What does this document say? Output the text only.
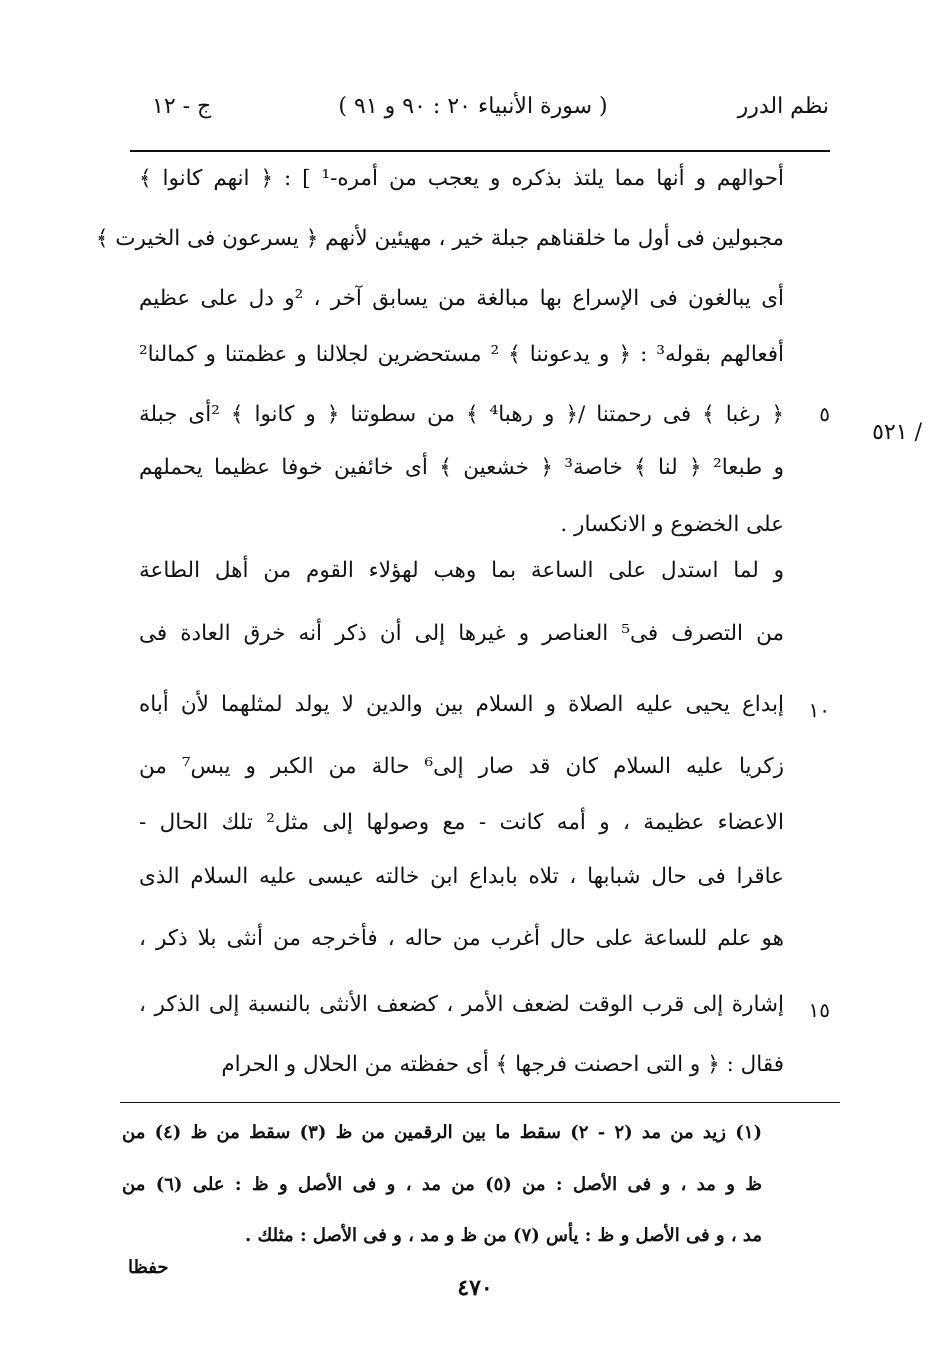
نظم الدرر
( سورة الأنبياء ٢٠ : ٩٠ و ٩١ )
ج - ١٢
٥٢١ /
٥
١٠
١٥
أحوالهم و أنها مما يلتذ بذكره و يعجب من أمره-¹ ] : ﴿ انهم كانوا ﴾
مجبولين فى أول ما خلقناهم جبلة خير ، مهيئين لأنهم ﴿ يسرعون فى الخيرت ﴾
أى يبالغون فى الإسراع بها مبالغة من يسابق آخر ، ²و دل على عظيم
أفعالهم بقوله³ : ﴿ و يدعوننا ﴾ ² مستحضرين لجلالنا و عظمتنا و كمالنا²
﴿ رغبا ﴾ فى رحمتنا /﴿ و رهبا⁴ ﴾ من سطوتنا ﴿ و كانوا ﴾ ²أى جبلة
و طبعا² ﴿ لنا ﴾ خاصة³ ﴿ خشعين ﴾ أى خائفين خوفا عظيما يحملهم
على الخضوع و الانكسار .
و لما استدل على الساعة بما وهب لهؤلاء القوم من أهل الطاعة
من التصرف فى⁵ العناصر و غيرها إلى أن ذكر أنه خرق العادة فى
إبداع يحيى عليه الصلاة و السلام بين والدين لا يولد لمثلهما لأن أباه
زكريا عليه السلام كان قد صار إلى⁶ حالة من الكبر و يبس⁷ من
الاعضاء عظيمة ، و أمه كانت - مع وصولها إلى مثل² تلك الحال -
عاقرا فى حال شبابها ، تلاه بابداع ابن خالته عيسى عليه السلام الذى
هو علم للساعة على حال أغرب من حاله ، فأخرجه من أنثى بلا ذكر ،
إشارة إلى قرب الوقت لضعف الأمر ، كضعف الأنثى بالنسبة إلى الذكر ،
فقال : ﴿ و التى احصنت فرجها ﴾ أى حفظته من الحلال و الحرام
(١) زيد من مد (٢ - ٢) سقط ما بين الرقمين من ظ (٣) سقط من ظ (٤) من
ظ و مد ، و فى الأصل : من (٥) من مد ، و فى الأصل و ظ : على (٦) من
مد ، و فى الأصل و ظ : يأس (٧) من ظ و مد ، و فى الأصل : مثلك .
حفظا
٤٧٠
